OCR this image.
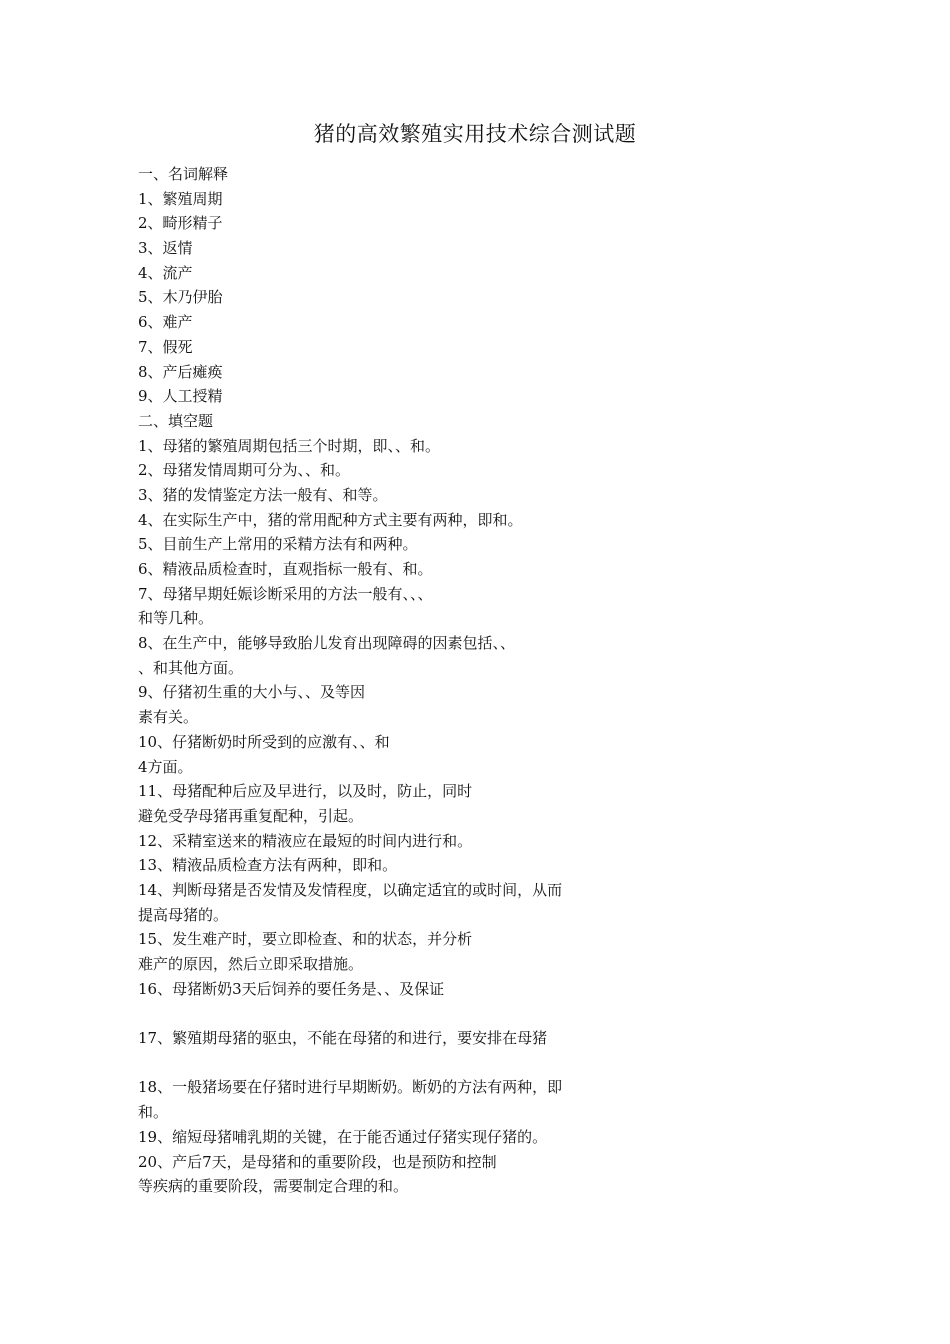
猪的高效繁殖实用技术综合测试题
一、名词解释
1、繁殖周期
2、畸形精子
3、返情
4、流产
5、木乃伊胎
6、难产
7、假死
8、产后瘫痪
9、人工授精
二、填空题
1、母猪的繁殖周期包括三个时期，即、、和。
2、母猪发情周期可分为、、和。
3、猪的发情鉴定方法一般有、和等。
4、在实际生产中，猪的常用配种方式主要有两种，即和。
5、目前生产上常用的采精方法有和两种。
6、精液品质检查时，直观指标一般有、和。
7、母猪早期妊娠诊断采用的方法一般有、、、
和等几种。
8、在生产中，能够导致胎儿发育出现障碍的因素包括、、
、和其他方面。
9、仔猪初生重的大小与、、及等因
素有关。
10、仔猪断奶时所受到的应激有、、和
4方面。
11、母猪配种后应及早进行，以及时，防止，同时
避免受孕母猪再重复配种，引起。
12、采精室送来的精液应在最短的时间内进行和。
13、精液品质检查方法有两种，即和。
14、判断母猪是否发情及发情程度，以确定适宜的或时间，从而
提高母猪的。
15、发生难产时，要立即检查、和的状态，并分析
难产的原因，然后立即采取措施。
16、母猪断奶3天后饲养的要任务是、、及保证
17、繁殖期母猪的驱虫，不能在母猪的和进行，要安排在母猪
18、一般猪场要在仔猪时进行早期断奶。断奶的方法有两种，即
和。
19、缩短母猪哺乳期的关键，在于能否通过仔猪实现仔猪的。
20、产后7天，是母猪和的重要阶段，也是预防和控制
等疾病的重要阶段，需要制定合理的和。
